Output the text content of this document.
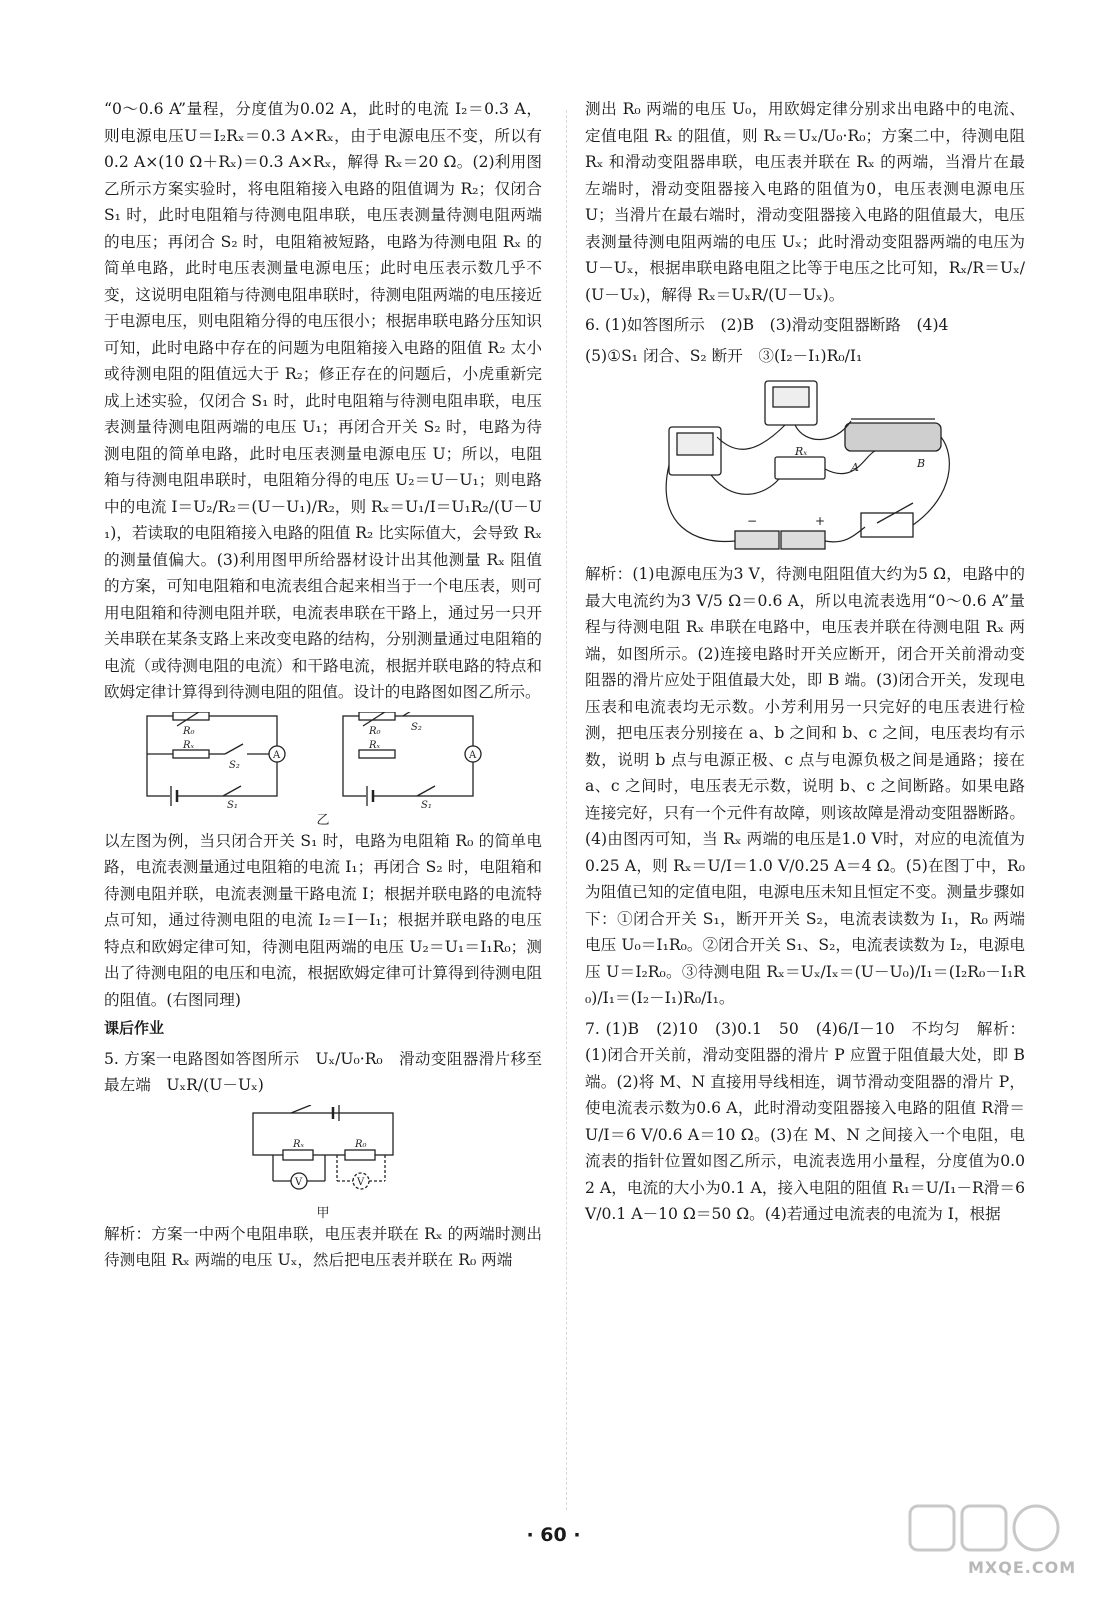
“0～0.6 A”量程，分度值为0.02 A，此时的电流 I₂＝0.3 A，则电源电压U＝I₂Rₓ＝0.3 A×Rₓ，由于电源电压不变，所以有0.2 A×(10 Ω＋Rₓ)＝0.3 A×Rₓ，解得 Rₓ＝20 Ω。(2)利用图乙所示方案实验时，将电阻箱接入电路的阻值调为 R₂；仅闭合 S₁ 时，此时电阻箱与待测电阻串联，电压表测量待测电阻两端的电压；再闭合 S₂ 时，电阻箱被短路，电路为待测电阻 Rₓ 的简单电路，此时电压表测量电源电压；此时电压表示数几乎不变，这说明电阻箱与待测电阻串联时，待测电阻两端的电压接近于电源电压，则电阻箱分得的电压很小；根据串联电路分压知识可知，此时电路中存在的问题为电阻箱接入电路的阻值 R₂ 太小或待测电阻的阻值远大于 R₂；修正存在的问题后，小虎重新完成上述实验，仅闭合 S₁ 时，此时电阻箱与待测电阻串联，电压表测量待测电阻两端的电压 U₁；再闭合开关 S₂ 时，电路为待测电阻的简单电路，此时电压表测量电源电压 U；所以，电阻箱与待测电阻串联时，电阻箱分得的电压 U₂＝U－U₁；则电路中的电流 I＝U₂/R₂＝(U－U₁)/R₂，则 Rₓ＝U₁/I＝U₁R₂/(U－U₁)，若读取的电阻箱接入电路的阻值 R₂ 比实际值大，会导致 Rₓ 的测量值偏大。(3)利用图甲所给器材设计出其他测量 Rₓ 阻值的方案，可知电阻箱和电流表组合起来相当于一个电压表，则可用电阻箱和待测电阻并联，电流表串联在干路上，通过另一只开关串联在某条支路上来改变电路的结构，分别测量通过电阻箱的电流（或待测电阻的电流）和干路电流，根据并联电路的特点和欧姆定律计算得到待测电阻的阻值。设计的电路图如图乙所示。

R₀
Rₓ
S₂
A
S₁
R₀	S₂
Rₓ
A
S₁
乙

以左图为例，当只闭合开关 S₁ 时，电路为电阻箱 R₀ 的简单电路，电流表测量通过电阻箱的电流 I₁；再闭合 S₂ 时，电阻箱和待测电阻并联，电流表测量干路电流 I；根据并联电路的电流特点可知，通过待测电阻的电流 I₂＝I－I₁；根据并联电路的电压特点和欧姆定律可知，待测电阻两端的电压 U₂＝U₁＝I₁R₀；测出了待测电阻的电压和电流，根据欧姆定律可计算得到待测电阻的阻值。(右图同理)

课后作业

5. 方案一电路图如答图所示　Uₓ/U₀·R₀　滑动变阻器滑片移至最左端　UₓR/(U－Uₓ)

Rₓ	R₀
V	V
甲

解析：方案一中两个电阻串联，电压表并联在 Rₓ 的两端时测出待测电阻 Rₓ 两端的电压 Uₓ，然后把电压表并联在 R₀ 两端

测出 R₀ 两端的电压 U₀，用欧姆定律分别求出电路中的电流、定值电阻 Rₓ 的阻值，则 Rₓ＝Uₓ/U₀·R₀；方案二中，待测电阻 Rₓ 和滑动变阻器串联，电压表并联在 Rₓ 的两端，当滑片在最左端时，滑动变阻器接入电路的阻值为0，电压表测电源电压 U；当滑片在最右端时，滑动变阻器接入电路的阻值最大，电压表测量待测电阻两端的电压 Uₓ；此时滑动变阻器两端的电压为 U－Uₓ，根据串联电路电阻之比等于电压之比可知，Rₓ/R＝Uₓ/(U－Uₓ)，解得 Rₓ＝UₓR/(U－Uₓ)。

6. (1)如答图所示　(2)B　(3)滑动变阻器断路　(4)4

(5)①S₁ 闭合、S₂ 断开　③(I₂－I₁)R₀/I₁

Rₓ
A	B
−	+

解析：(1)电源电压为3 V，待测电阻阻值大约为5 Ω，电路中的最大电流约为3 V/5 Ω＝0.6 A，所以电流表选用“0～0.6 A”量程与待测电阻 Rₓ 串联在电路中，电压表并联在待测电阻 Rₓ 两端，如图所示。(2)连接电路时开关应断开，闭合开关前滑动变阻器的滑片应处于阻值最大处，即 B 端。(3)闭合开关，发现电压表和电流表均无示数。小芳利用另一只完好的电压表进行检测，把电压表分别接在 a、b 之间和 b、c 之间，电压表均有示数，说明 b 点与电源正极、c 点与电源负极之间是通路；接在 a、c 之间时，电压表无示数，说明 b、c 之间断路。如果电路连接完好，只有一个元件有故障，则该故障是滑动变阻器断路。(4)由图丙可知，当 Rₓ 两端的电压是1.0 V时，对应的电流值为0.25 A，则 Rₓ＝U/I＝1.0 V/0.25 A＝4 Ω。(5)在图丁中，R₀为阻值已知的定值电阻，电源电压未知且恒定不变。测量步骤如下：①闭合开关 S₁，断开开关 S₂，电流表读数为 I₁，R₀ 两端电压 U₀＝I₁R₀。②闭合开关 S₁、S₂，电流表读数为 I₂，电源电压 U＝I₂R₀。③待测电阻 Rₓ＝Uₓ/Iₓ＝(U－U₀)/I₁＝(I₂R₀－I₁R₀)/I₁＝(I₂－I₁)R₀/I₁。

7. (1)B　(2)10　(3)0.1　50　(4)6/I－10　不均匀　解析：(1)闭合开关前，滑动变阻器的滑片 P 应置于阻值最大处，即 B 端。(2)将 M、N 直接用导线相连，调节滑动变阻器的滑片 P，使电流表示数为0.6 A，此时滑动变阻器接入电路的阻值 R滑＝U/I＝6 V/0.6 A＝10 Ω。(3)在 M、N 之间接入一个电阻，电流表的指针位置如图乙所示，电流表选用小量程，分度值为0.02 A，电流的大小为0.1 A，接入电阻的阻值 R₁＝U/I₁－R滑＝6 V/0.1 A－10 Ω＝50 Ω。(4)若通过电流表的电流为 I，根据

· 60 ·
MXQE.COM
